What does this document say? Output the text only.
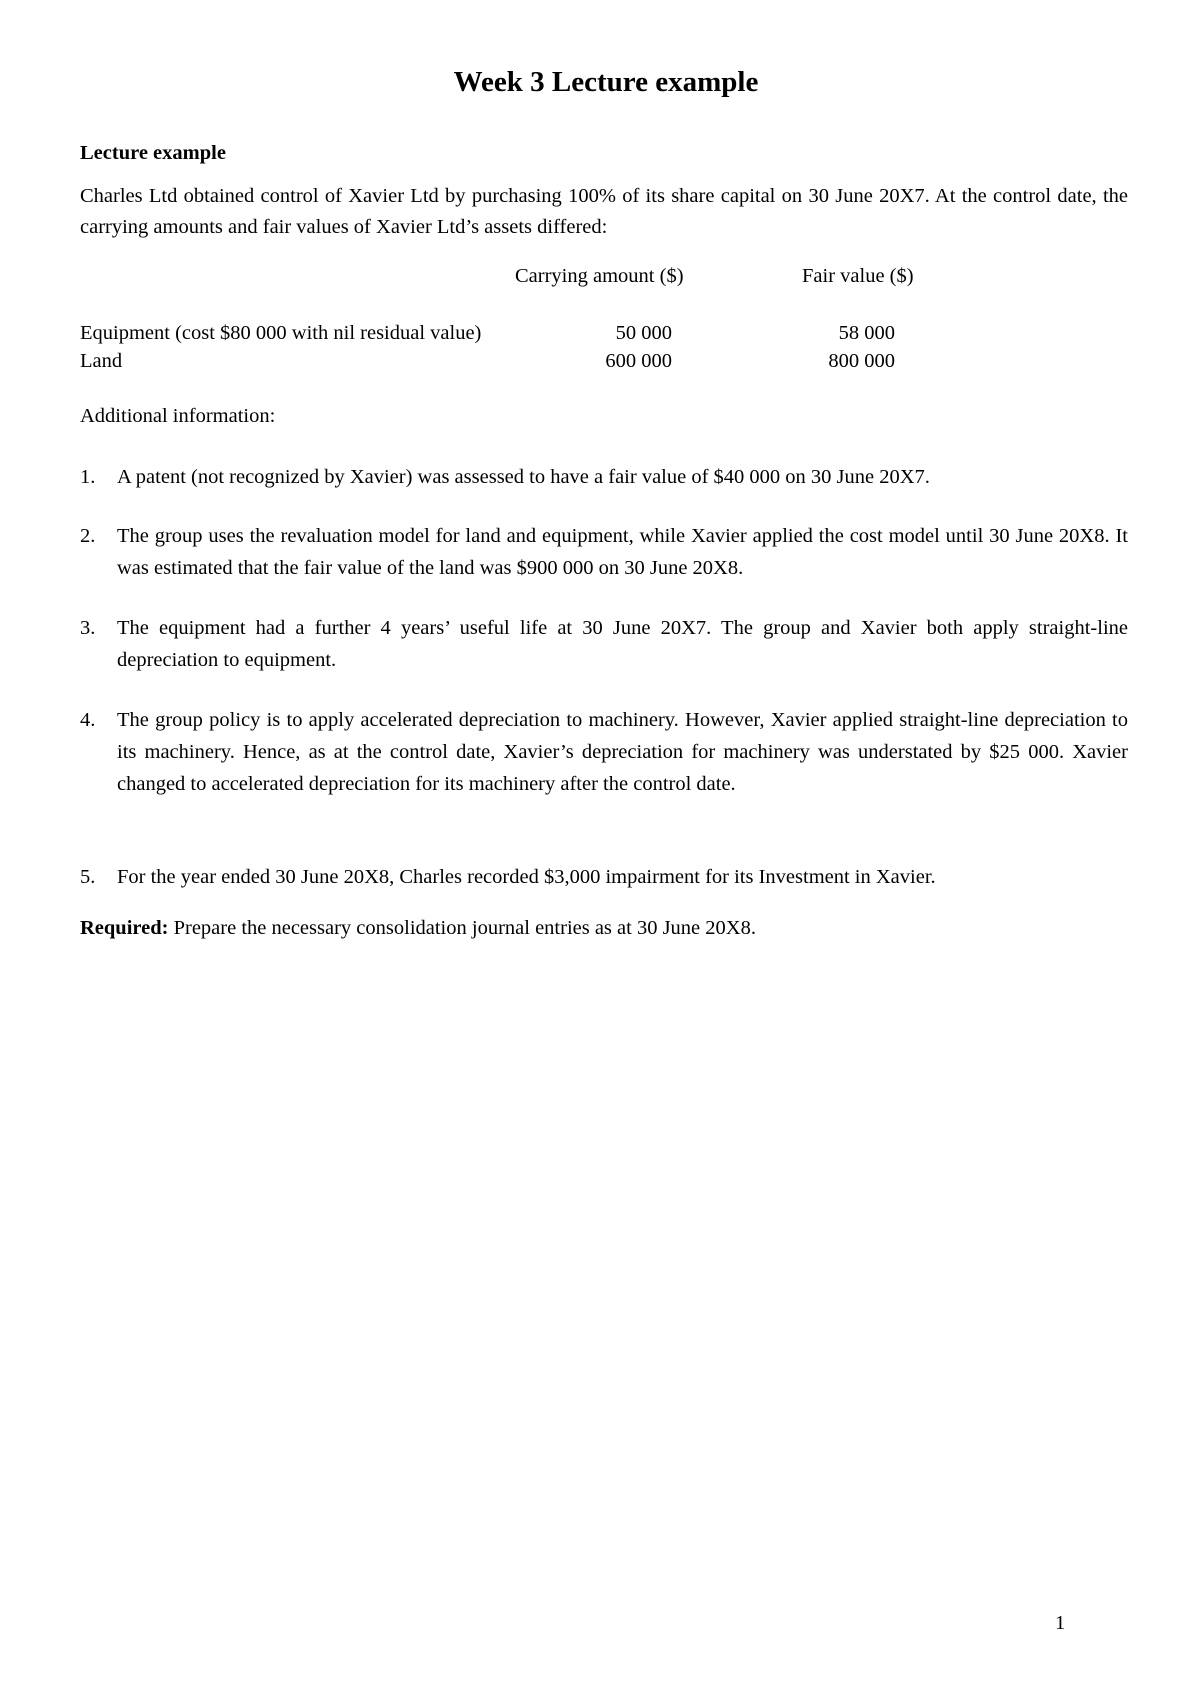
Week 3 Lecture example
Lecture example
Charles Ltd obtained control of Xavier Ltd by purchasing 100% of its share capital on 30 June 20X7. At the control date, the carrying amounts and fair values of Xavier Ltd’s assets differed:
Carrying amount ($)	Fair value ($)
Equipment (cost $80 000 with nil residual value)	50 000	58 000
Land	600 000	800 000
Additional information:
1. A patent (not recognized by Xavier) was assessed to have a fair value of $40 000 on 30 June 20X7.
2. The group uses the revaluation model for land and equipment, while Xavier applied the cost model until 30 June 20X8. It was estimated that the fair value of the land was $900 000 on 30 June 20X8.
3. The equipment had a further 4 years’ useful life at 30 June 20X7. The group and Xavier both apply straight-line depreciation to equipment.
4. The group policy is to apply accelerated depreciation to machinery. However, Xavier applied straight-line depreciation to its machinery. Hence, as at the control date, Xavier’s depreciation for machinery was understated by $25 000. Xavier changed to accelerated depreciation for its machinery after the control date.
5. For the year ended 30 June 20X8, Charles recorded $3,000 impairment for its Investment in Xavier.
Required: Prepare the necessary consolidation journal entries as at 30 June 20X8.
1
